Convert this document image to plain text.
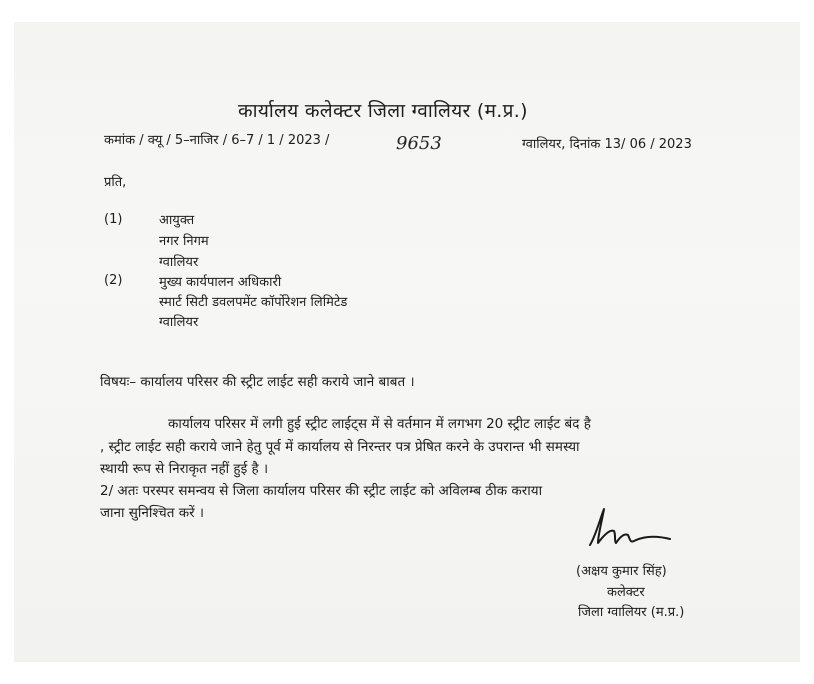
कार्यालय कलेक्टर जिला ग्वालियर (म.प्र.)
कमांक / क्यू / 5–नाजिर / 6–7 / 1 / 2023 /	9653	ग्वालियर, दिनांक 13/ 06 / 2023
प्रति,
(1)	आयुक्त
नगर निगम
ग्वालियर
(2)	मुख्य कार्यपालन अधिकारी
स्मार्ट सिटी डवलपमेंट कॉर्पोरेशन लिमिटेड
ग्वालियर
विषयः– कार्यालय परिसर की स्ट्रीट लाईट सही कराये जाने बाबत ।
कार्यालय परिसर में लगी हुई स्ट्रीट लाईट्स में से वर्तमान में लगभग 20 स्ट्रीट लाईट बंद है
, स्ट्रीट लाईट सही कराये जाने हेतु पूर्व में कार्यालय से निरन्तर पत्र प्रेषित करने के उपरान्त भी समस्या
स्थायी रूप से निराकृत नहीं हुई है ।
2/ अतः परस्पर समन्वय से जिला कार्यालय परिसर की स्ट्रीट लाईट को अविलम्ब ठीक कराया
जाना सुनिश्चित करें ।
(अक्षय कुमार सिंह)
कलेक्टर
जिला ग्वालियर (म.प्र.)
